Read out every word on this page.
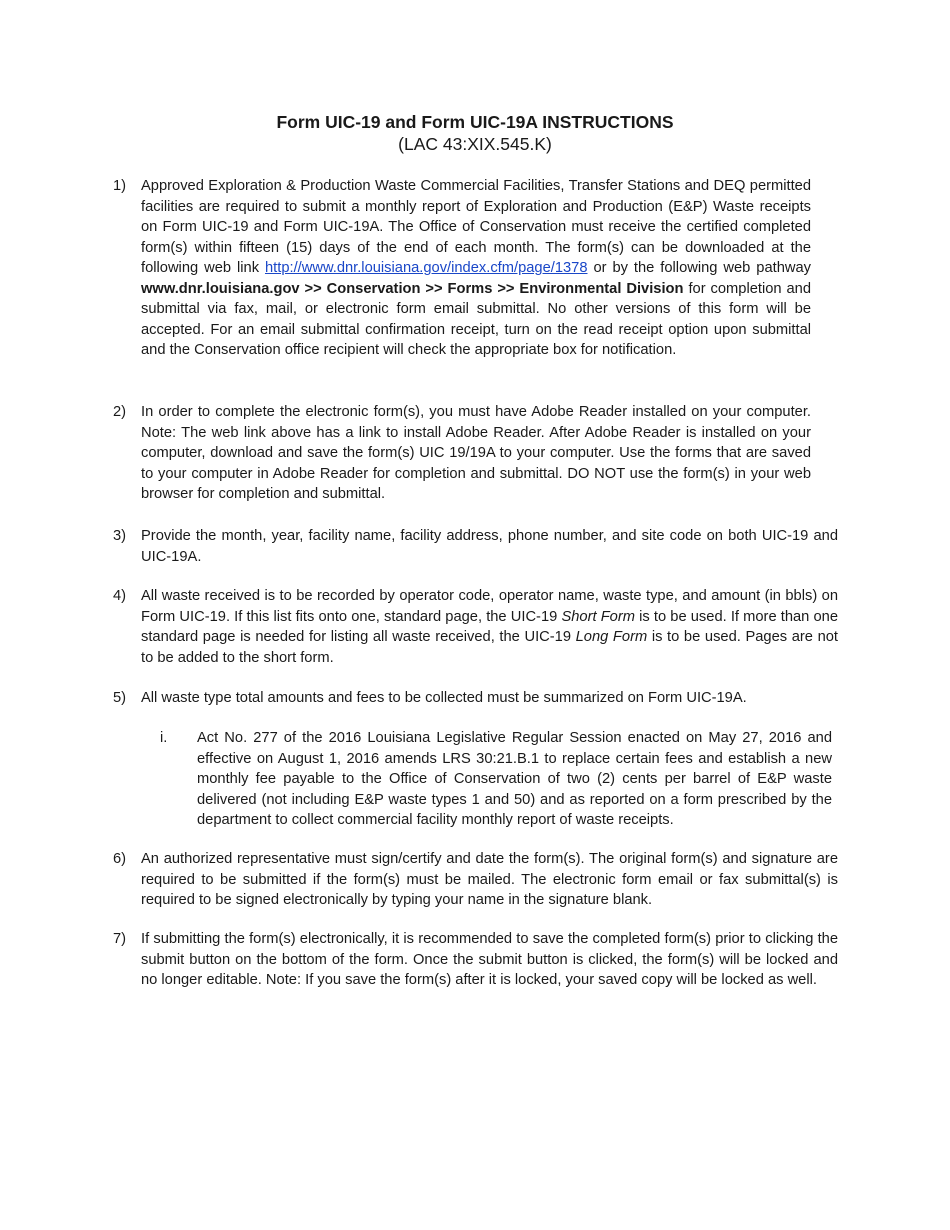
Form UIC-19 and Form UIC-19A INSTRUCTIONS
(LAC 43:XIX.545.K)
1) Approved Exploration & Production Waste Commercial Facilities, Transfer Stations and DEQ permitted facilities are required to submit a monthly report of Exploration and Production (E&P) Waste receipts on Form UIC-19 and Form UIC-19A. The Office of Conservation must receive the certified completed form(s) within fifteen (15) days of the end of each month. The form(s) can be downloaded at the following web link http://www.dnr.louisiana.gov/index.cfm/page/1378 or by the following web pathway www.dnr.louisiana.gov >> Conservation >> Forms >> Environmental Division for completion and submittal via fax, mail, or electronic form email submittal. No other versions of this form will be accepted. For an email submittal confirmation receipt, turn on the read receipt option upon submittal and the Conservation office recipient will check the appropriate box for notification.
2) In order to complete the electronic form(s), you must have Adobe Reader installed on your computer. Note: The web link above has a link to install Adobe Reader. After Adobe Reader is installed on your computer, download and save the form(s) UIC 19/19A to your computer. Use the forms that are saved to your computer in Adobe Reader for completion and submittal. DO NOT use the form(s) in your web browser for completion and submittal.
3) Provide the month, year, facility name, facility address, phone number, and site code on both UIC-19 and UIC-19A.
4) All waste received is to be recorded by operator code, operator name, waste type, and amount (in bbls) on Form UIC-19. If this list fits onto one, standard page, the UIC-19 Short Form is to be used. If more than one standard page is needed for listing all waste received, the UIC-19 Long Form is to be used. Pages are not to be added to the short form.
5) All waste type total amounts and fees to be collected must be summarized on Form UIC-19A.
i. Act No. 277 of the 2016 Louisiana Legislative Regular Session enacted on May 27, 2016 and effective on August 1, 2016 amends LRS 30:21.B.1 to replace certain fees and establish a new monthly fee payable to the Office of Conservation of two (2) cents per barrel of E&P waste delivered (not including E&P waste types 1 and 50) and as reported on a form prescribed by the department to collect commercial facility monthly report of waste receipts.
6) An authorized representative must sign/certify and date the form(s). The original form(s) and signature are required to be submitted if the form(s) must be mailed. The electronic form email or fax submittal(s) is required to be signed electronically by typing your name in the signature blank.
7) If submitting the form(s) electronically, it is recommended to save the completed form(s) prior to clicking the submit button on the bottom of the form. Once the submit button is clicked, the form(s) will be locked and no longer editable. Note: If you save the form(s) after it is locked, your saved copy will be locked as well.
